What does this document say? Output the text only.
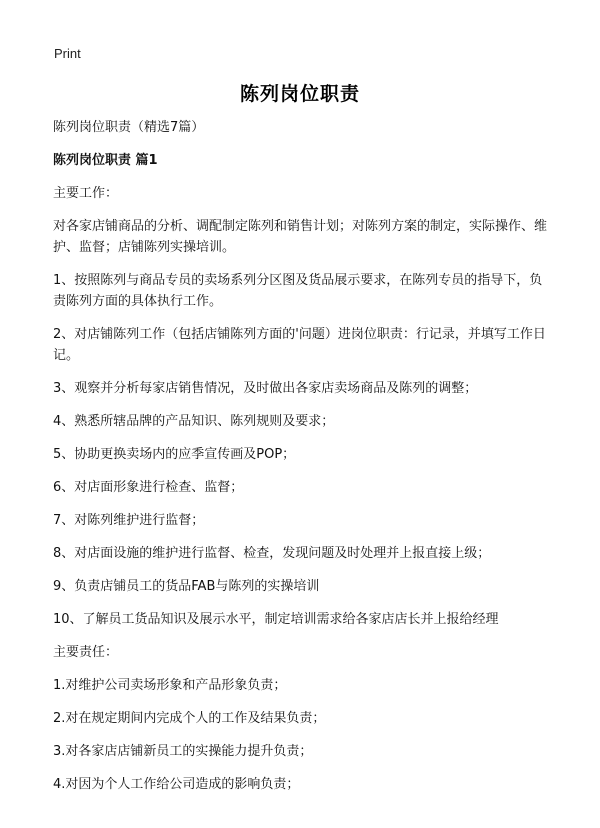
Print
陈列岗位职责

陈列岗位职责（精选7篇）

陈列岗位职责 篇1

主要工作：

对各家店铺商品的分析、调配制定陈列和销售计划；对陈列方案的制定，实际操作、维护、监督；店铺陈列实操培训。

1、按照陈列与商品专员的卖场系列分区图及货品展示要求，在陈列专员的指导下，负责陈列方面的具体执行工作。

2、对店铺陈列工作（包括店铺陈列方面的'问题）进岗位职责：行记录，并填写工作日记。

3、观察并分析每家店销售情况，及时做出各家店卖场商品及陈列的调整；

4、熟悉所辖品牌的产品知识、陈列规则及要求；

5、协助更换卖场内的应季宣传画及POP；

6、对店面形象进行检查、监督；

7、对陈列维护进行监督；

8、对店面设施的维护进行监督、检查，发现问题及时处理并上报直接上级；

9、负责店铺员工的货品FAB与陈列的实操培训

10、了解员工货品知识及展示水平，制定培训需求给各家店店长并上报给经理

主要责任：

1.对维护公司卖场形象和产品形象负责；

2.对在规定期间内完成个人的工作及结果负责；

3.对各家店店铺新员工的实操能力提升负责；

4.对因为个人工作给公司造成的影响负责；
